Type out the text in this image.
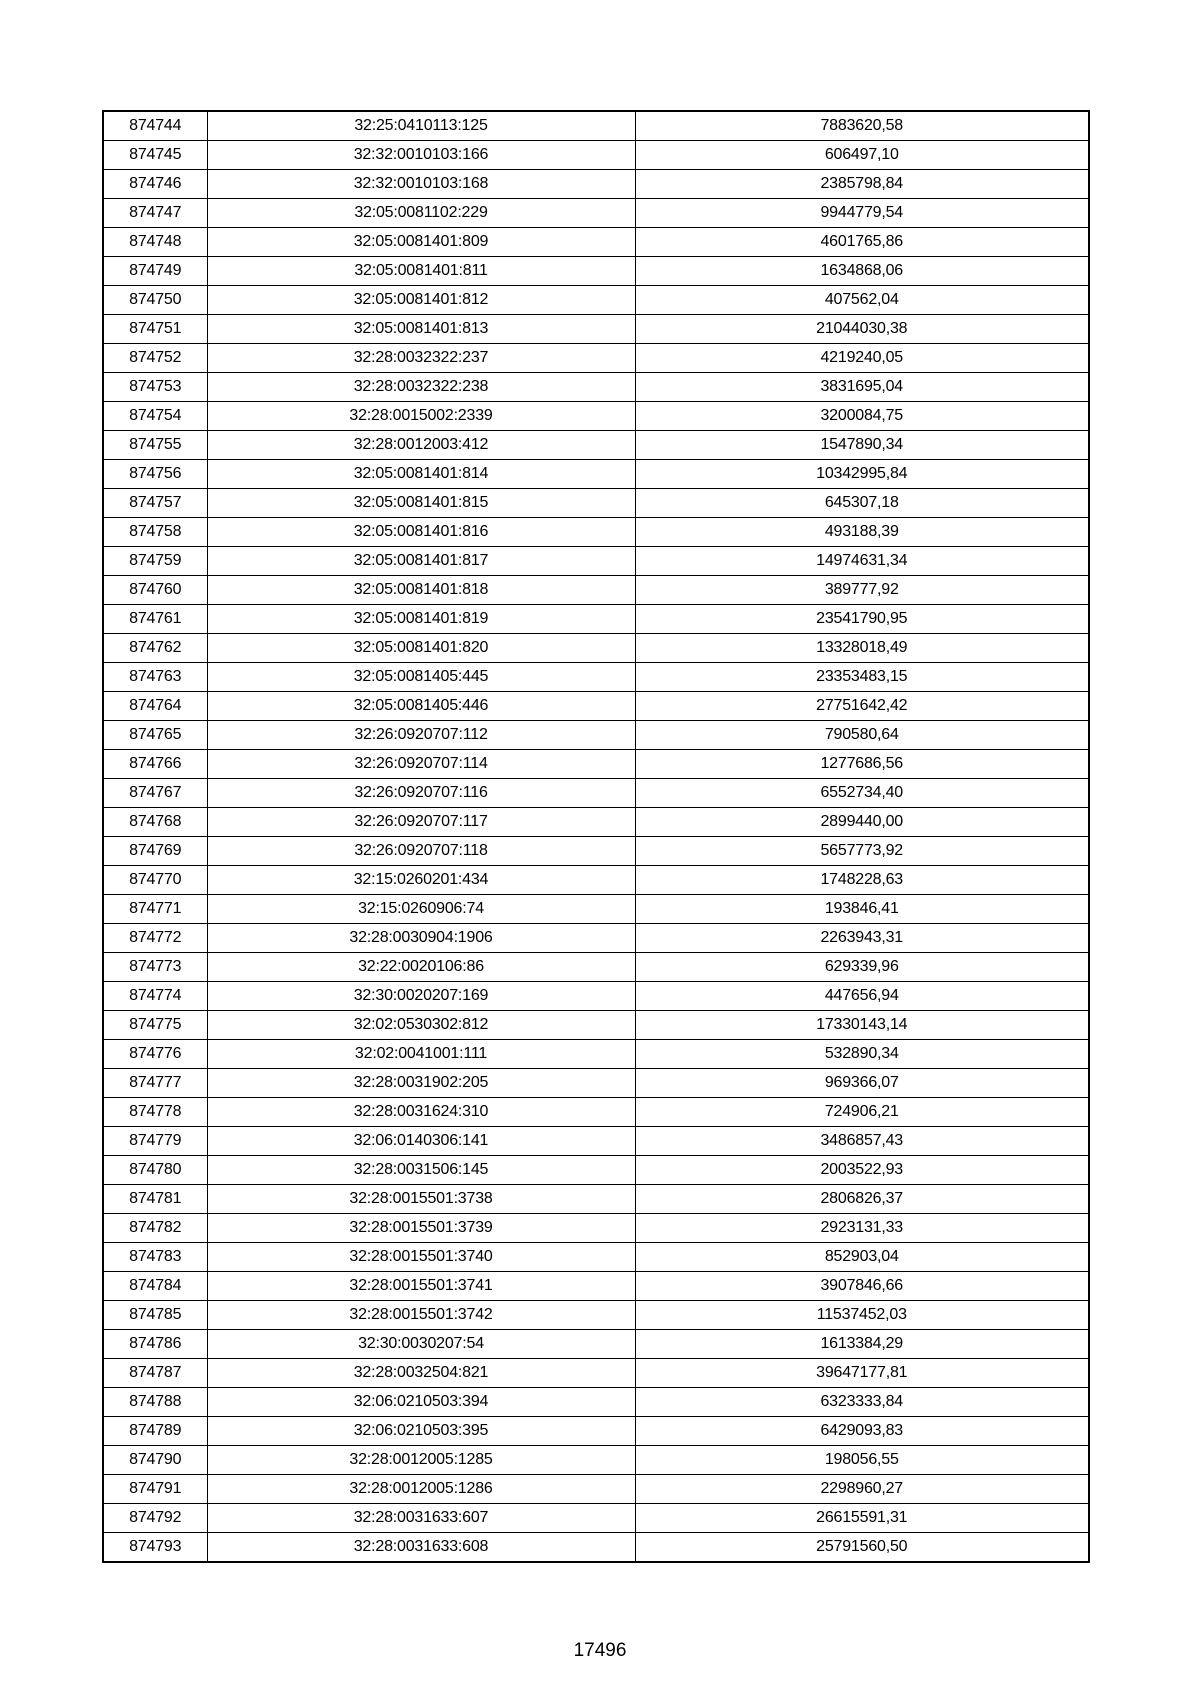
874744	32:25:0410113:125	7883620,58
874745	32:32:0010103:166	606497,10
874746	32:32:0010103:168	2385798,84
874747	32:05:0081102:229	9944779,54
874748	32:05:0081401:809	4601765,86
874749	32:05:0081401:811	1634868,06
874750	32:05:0081401:812	407562,04
874751	32:05:0081401:813	21044030,38
874752	32:28:0032322:237	4219240,05
874753	32:28:0032322:238	3831695,04
874754	32:28:0015002:2339	3200084,75
874755	32:28:0012003:412	1547890,34
874756	32:05:0081401:814	10342995,84
874757	32:05:0081401:815	645307,18
874758	32:05:0081401:816	493188,39
874759	32:05:0081401:817	14974631,34
874760	32:05:0081401:818	389777,92
874761	32:05:0081401:819	23541790,95
874762	32:05:0081401:820	13328018,49
874763	32:05:0081405:445	23353483,15
874764	32:05:0081405:446	27751642,42
874765	32:26:0920707:112	790580,64
874766	32:26:0920707:114	1277686,56
874767	32:26:0920707:116	6552734,40
874768	32:26:0920707:117	2899440,00
874769	32:26:0920707:118	5657773,92
874770	32:15:0260201:434	1748228,63
874771	32:15:0260906:74	193846,41
874772	32:28:0030904:1906	2263943,31
874773	32:22:0020106:86	629339,96
874774	32:30:0020207:169	447656,94
874775	32:02:0530302:812	17330143,14
874776	32:02:0041001:111	532890,34
874777	32:28:0031902:205	969366,07
874778	32:28:0031624:310	724906,21
874779	32:06:0140306:141	3486857,43
874780	32:28:0031506:145	2003522,93
874781	32:28:0015501:3738	2806826,37
874782	32:28:0015501:3739	2923131,33
874783	32:28:0015501:3740	852903,04
874784	32:28:0015501:3741	3907846,66
874785	32:28:0015501:3742	11537452,03
874786	32:30:0030207:54	1613384,29
874787	32:28:0032504:821	39647177,81
874788	32:06:0210503:394	6323333,84
874789	32:06:0210503:395	6429093,83
874790	32:28:0012005:1285	198056,55
874791	32:28:0012005:1286	2298960,27
874792	32:28:0031633:607	26615591,31
874793	32:28:0031633:608	25791560,50
17496
